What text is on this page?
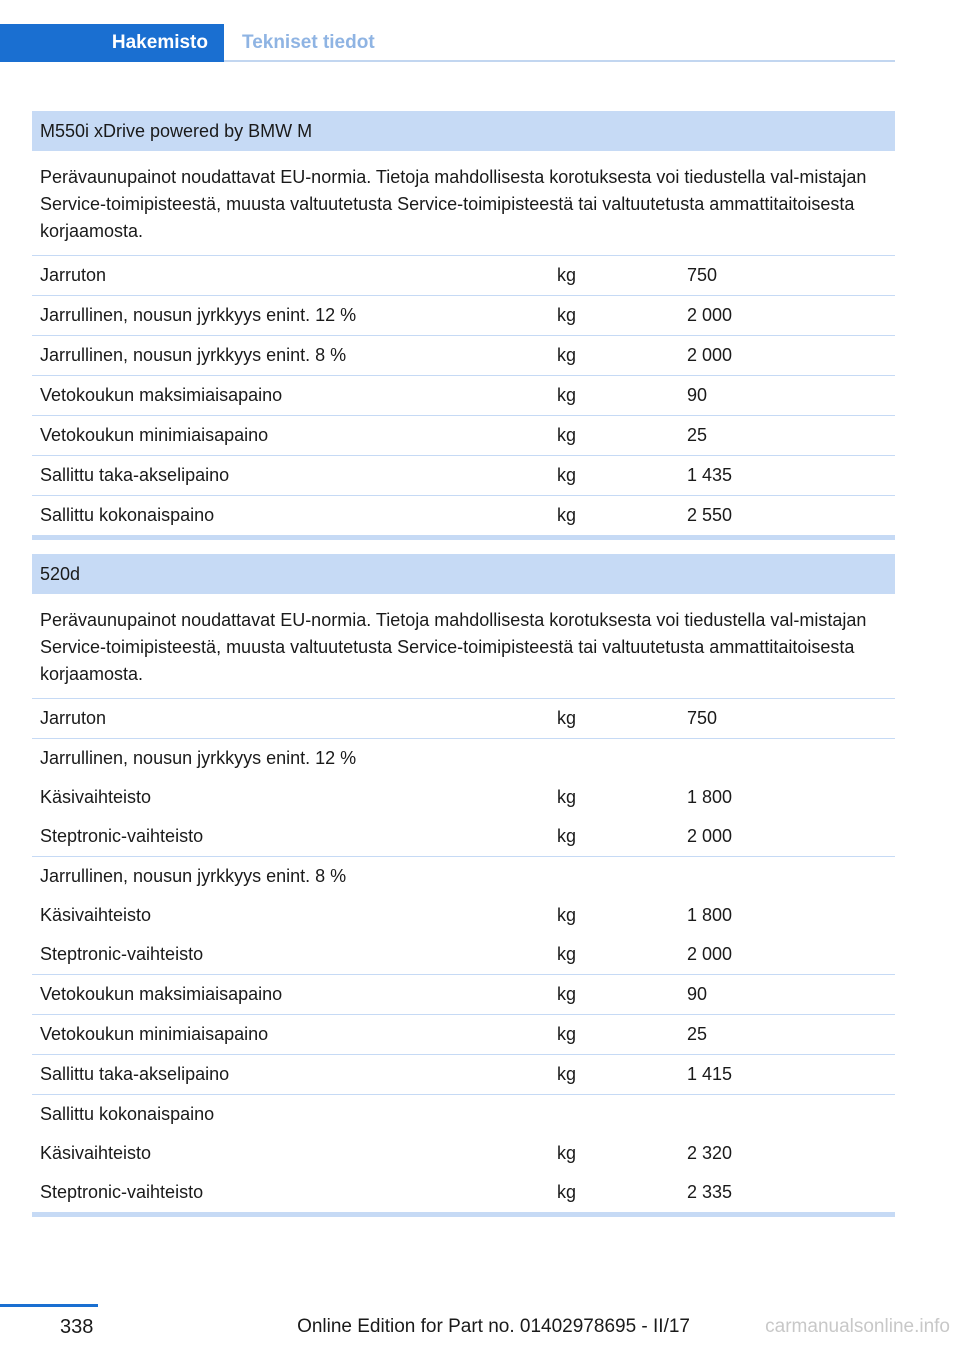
Hakemisto	Tekniset tiedot
M550i xDrive powered by BMW M
Perävaunupainot noudattavat EU-normia. Tietoja mahdollisesta korotuksesta voi tiedustella val-mistajan Service-toimipisteestä, muusta valtuutetusta Service-toimipisteestä tai valtuutetusta ammattitaitoisesta korjaamosta.
Jarruton	kg	750
Jarrullinen, nousun jyrkkyys enint. 12 %	kg	2 000
Jarrullinen, nousun jyrkkyys enint. 8 %	kg	2 000
Vetokoukun maksimiaisapaino	kg	90
Vetokoukun minimiaisapaino	kg	25
Sallittu taka-akselipaino	kg	1 435
Sallittu kokonaispaino	kg	2 550
520d
Perävaunupainot noudattavat EU-normia. Tietoja mahdollisesta korotuksesta voi tiedustella val-mistajan Service-toimipisteestä, muusta valtuutetusta Service-toimipisteestä tai valtuutetusta ammattitaitoisesta korjaamosta.
Jarruton	kg	750
Jarrullinen, nousun jyrkkyys enint. 12 %
Käsivaihteisto	kg	1 800
Steptronic-vaihteisto	kg	2 000
Jarrullinen, nousun jyrkkyys enint. 8 %
Käsivaihteisto	kg	1 800
Steptronic-vaihteisto	kg	2 000
Vetokoukun maksimiaisapaino	kg	90
Vetokoukun minimiaisapaino	kg	25
Sallittu taka-akselipaino	kg	1 415
Sallittu kokonaispaino
Käsivaihteisto	kg	2 320
Steptronic-vaihteisto	kg	2 335
338	Online Edition for Part no. 01402978695 - II/17	carmanualsonline.info
